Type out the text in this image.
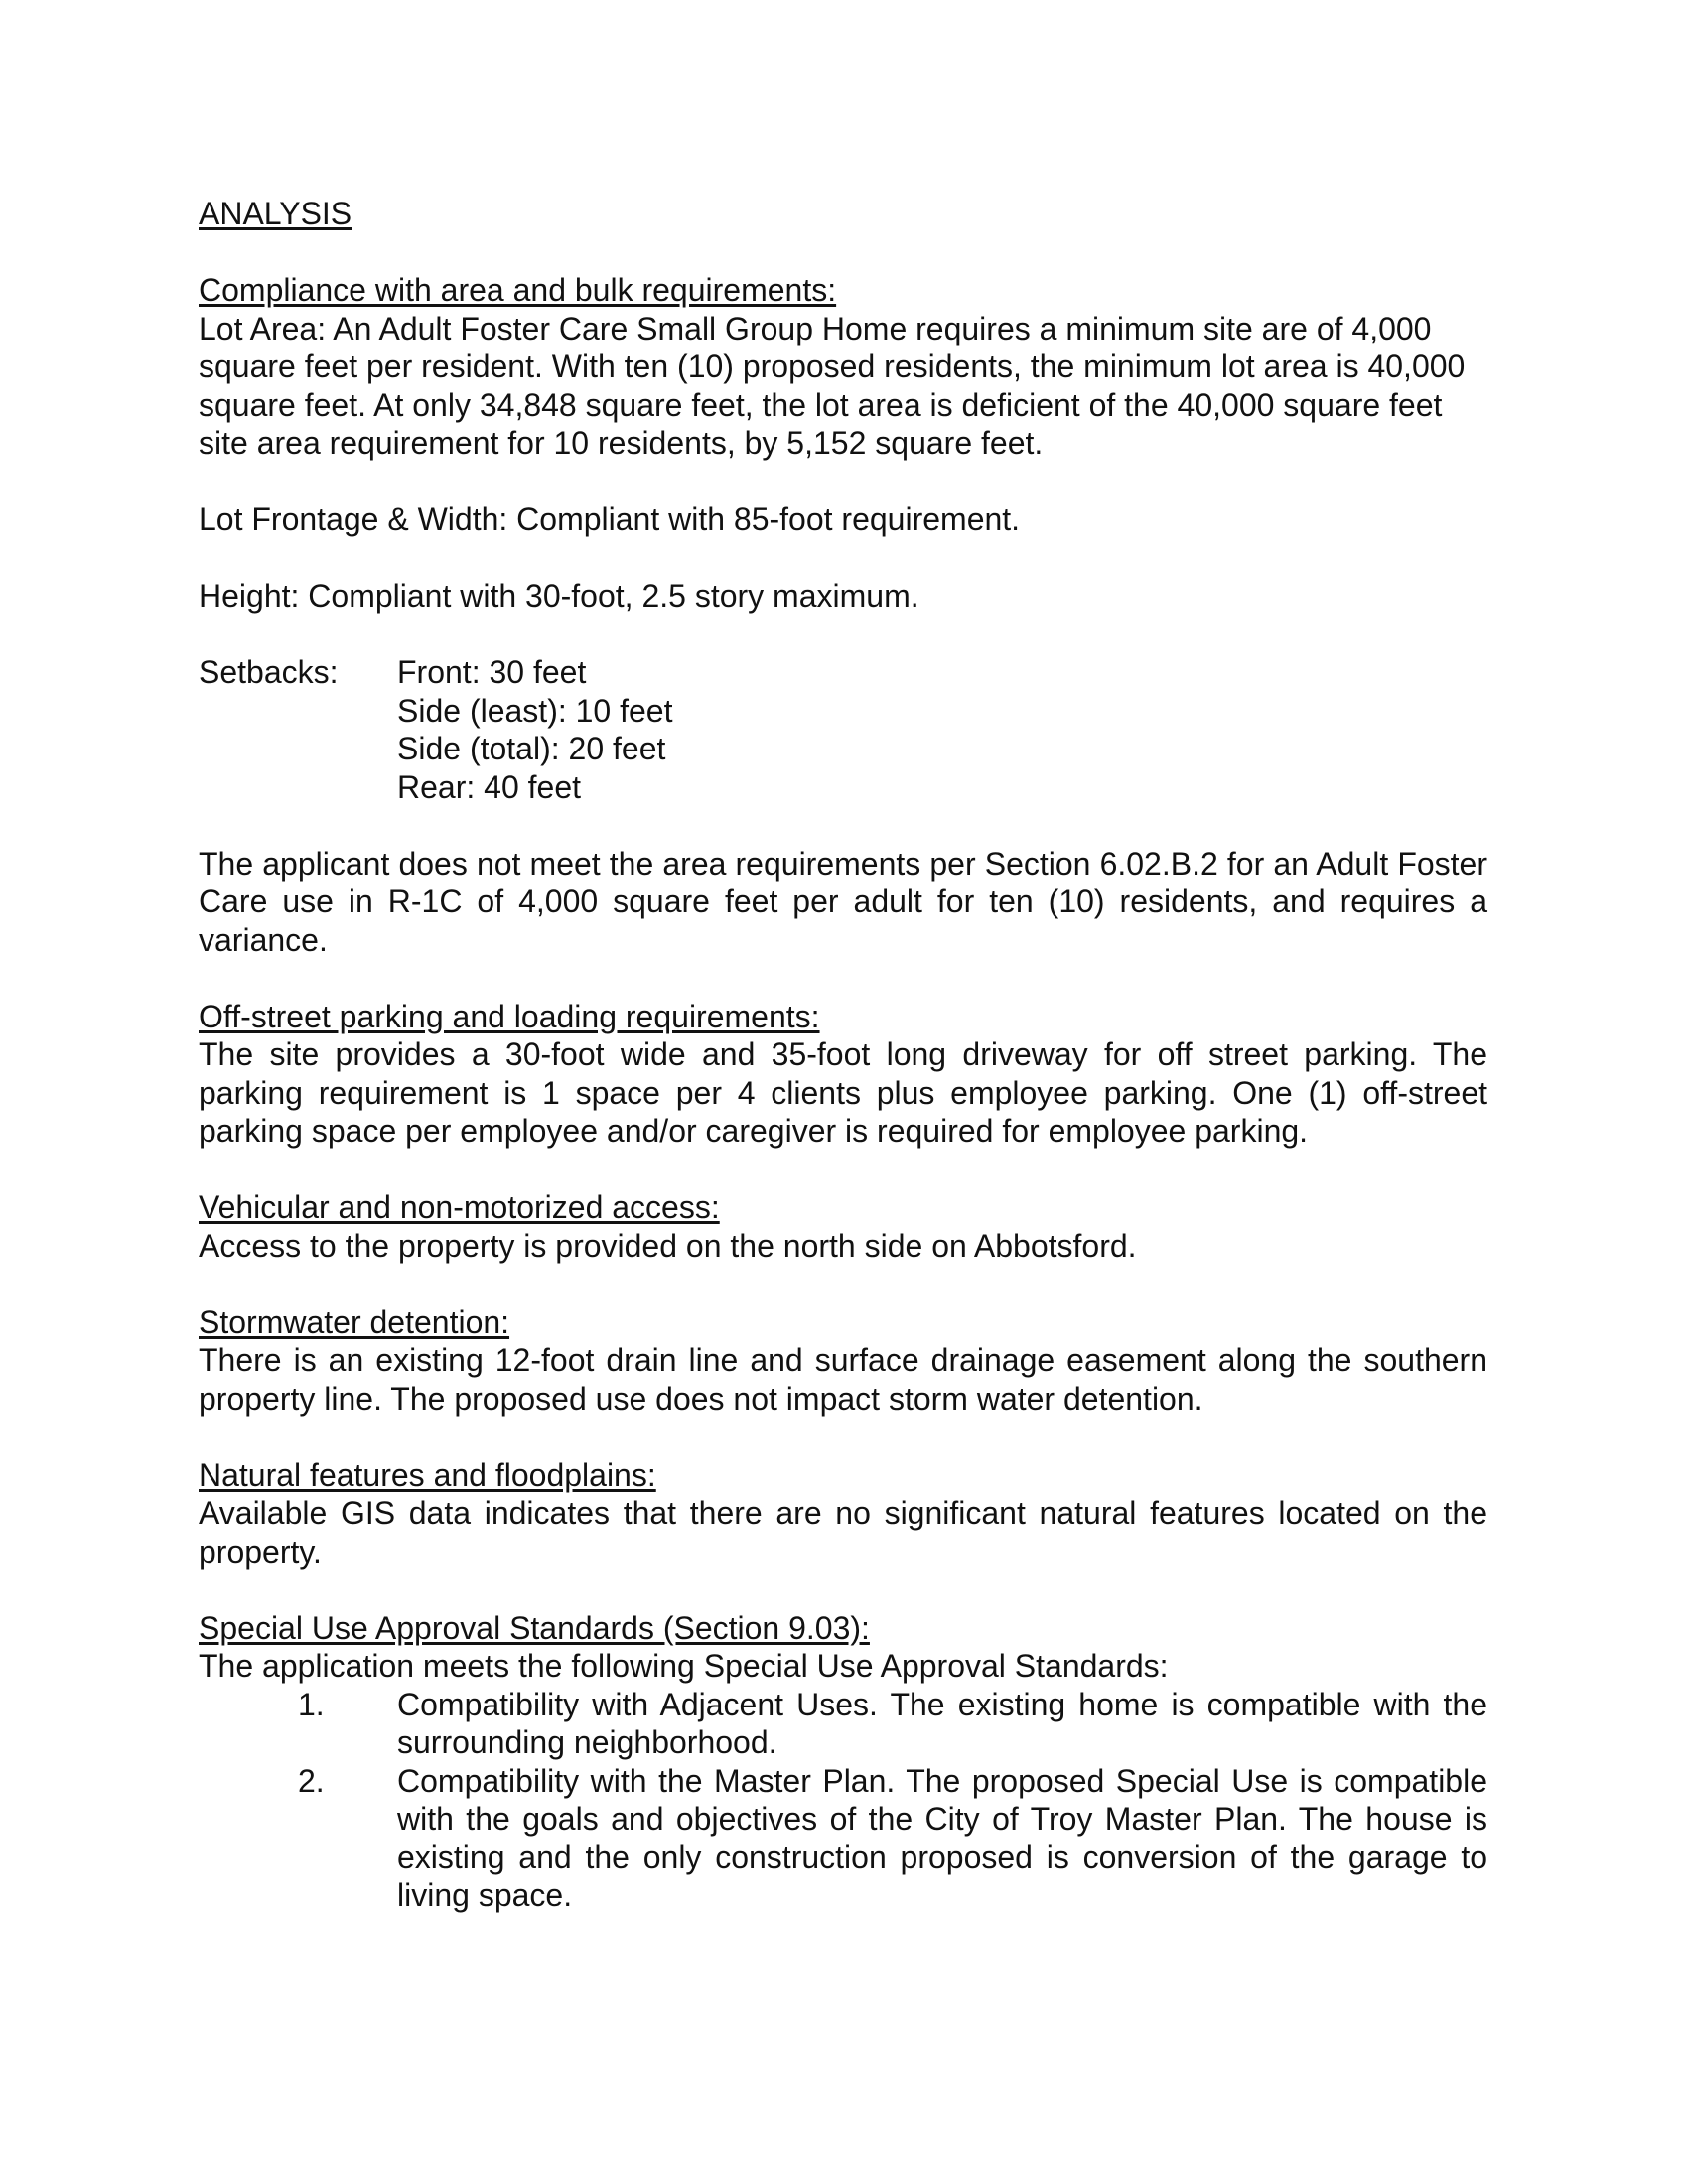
ANALYSIS

Compliance with area and bulk requirements:

Lot Area: An Adult Foster Care Small Group Home requires a minimum site are of 4,000 square feet per resident. With ten (10) proposed residents, the minimum lot area is 40,000 square feet. At only 34,848 square feet, the lot area is deficient of the 40,000 square feet site area requirement for 10 residents, by 5,152 square feet.

Lot Frontage & Width: Compliant with 85-foot requirement.

Height: Compliant with 30-foot, 2.5 story maximum.

Setbacks:	Front: 30 feet
Side (least): 10 feet
Side (total): 20 feet
Rear: 40 feet

The applicant does not meet the area requirements per Section 6.02.B.2 for an Adult Foster Care use in R-1C of 4,000 square feet per adult for ten (10) residents, and requires a variance.

Off-street parking and loading requirements:

The site provides a 30-foot wide and 35-foot long driveway for off street parking. The parking requirement is 1 space per 4 clients plus employee parking. One (1) off-street parking space per employee and/or caregiver is required for employee parking.

Vehicular and non-motorized access:

Access to the property is provided on the north side on Abbotsford.

Stormwater detention:

There is an existing 12-foot drain line and surface drainage easement along the southern property line. The proposed use does not impact storm water detention.

Natural features and floodplains:

Available GIS data indicates that there are no significant natural features located on the property.

Special Use Approval Standards (Section 9.03):

The application meets the following Special Use Approval Standards:

1.	Compatibility with Adjacent Uses. The existing home is compatible with the surrounding neighborhood.
2.	Compatibility with the Master Plan. The proposed Special Use is compatible with the goals and objectives of the City of Troy Master Plan. The house is existing and the only construction proposed is conversion of the garage to living space.
